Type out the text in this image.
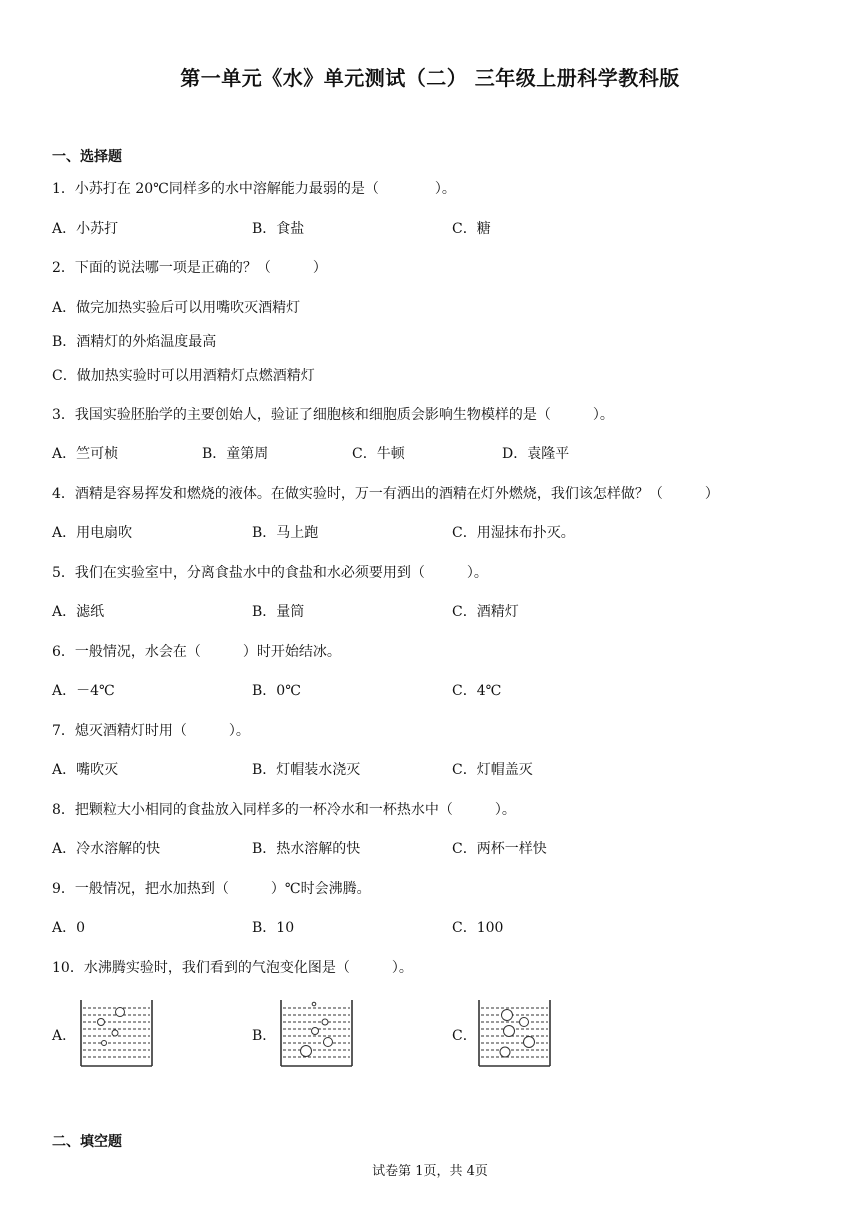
第一单元《水》单元测试（二） 三年级上册科学教科版
一、选择题
1．小苏打在 20℃同样多的水中溶解能力最弱的是（　　　　）。
A．小苏打	B．食盐	C．糖
2．下面的说法哪一项是正确的？（　　　）
A．做完加热实验后可以用嘴吹灭酒精灯
B．酒精灯的外焰温度最高
C．做加热实验时可以用酒精灯点燃酒精灯
3．我国实验胚胎学的主要创始人，验证了细胞核和细胞质会影响生物模样的是（　　　）。
A．竺可桢	B．童第周	C．牛顿	D．袁隆平
4．酒精是容易挥发和燃烧的液体。在做实验时，万一有洒出的酒精在灯外燃烧，我们该怎样做？（　　　）
A．用电扇吹	B．马上跑	C．用湿抹布扑灭。
5．我们在实验室中，分离食盐水中的食盐和水必须要用到（　　　）。
A．滤纸	B．量筒	C．酒精灯
6．一般情况，水会在（　　　）时开始结冰。
A．－4℃	B．0℃	C．4℃
7．熄灭酒精灯时用（　　　）。
A．嘴吹灭	B．灯帽装水浇灭	C．灯帽盖灭
8．把颗粒大小相同的食盐放入同样多的一杯冷水和一杯热水中（　　　）。
A．冷水溶解的快	B．热水溶解的快	C．两杯一样快
9．一般情况，把水加热到（　　　）℃时会沸腾。
A．0	B．10	C．100
10．水沸腾实验时，我们看到的气泡变化图是（　　　）。
A．	B．	C．
二、填空题
试卷第 1页，共 4页
